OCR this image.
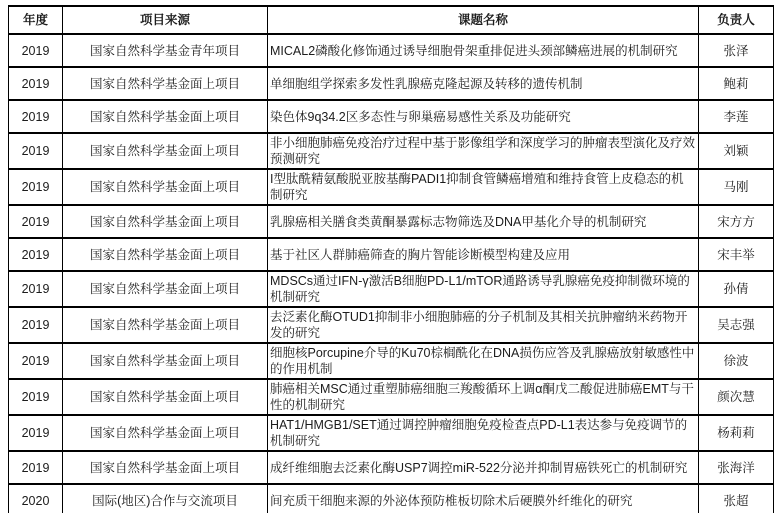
年度	项目来源	课题名称	负责人
2019	国家自然科学基金青年项目	MICAL2磷酸化修饰通过诱导细胞骨架重排促进头颈部鳞癌进展的机制研究	张泽
2019	国家自然科学基金面上项目	单细胞组学探索多发性乳腺癌克隆起源及转移的遗传机制	鲍莉
2019	国家自然科学基金面上项目	染色体9q34.2区多态性与卵巢癌易感性关系及功能研究	李莲
2019	国家自然科学基金面上项目	非小细胞肺癌免疫治疗过程中基于影像组学和深度学习的肿瘤表型演化及疗效预测研究	刘颖
2019	国家自然科学基金面上项目	I型肽酰精氨酸脱亚胺基酶PADI1抑制食管鳞癌增殖和维持食管上皮稳态的机制研究	马刚
2019	国家自然科学基金面上项目	乳腺癌相关膳食类黄酮暴露标志物筛选及DNA甲基化介导的机制研究	宋方方
2019	国家自然科学基金面上项目	基于社区人群肺癌筛查的胸片智能诊断模型构建及应用	宋丰举
2019	国家自然科学基金面上项目	MDSCs通过IFN-γ激活B细胞PD-L1/mTOR通路诱导乳腺癌免疫抑制微环境的机制研究	孙倩
2019	国家自然科学基金面上项目	去泛素化酶OTUD1抑制非小细胞肺癌的分子机制及其相关抗肿瘤纳米药物开发的研究	吴志强
2019	国家自然科学基金面上项目	细胞核Porcupine介导的Ku70棕榈酰化在DNA损伤应答及乳腺癌放射敏感性中的作用机制	徐波
2019	国家自然科学基金面上项目	肺癌相关MSC通过重塑肺癌细胞三羧酸循环上调α酮戊二酸促进肺癌EMT与干性的机制研究	颜次慧
2019	国家自然科学基金面上项目	HAT1/HMGB1/SET通过调控肿瘤细胞免疫检查点PD-L1表达参与免疫调节的机制研究	杨莉莉
2019	国家自然科学基金面上项目	成纤维细胞去泛素化酶USP7调控miR-522分泌并抑制胃癌铁死亡的机制研究	张海洋
2020	国际(地区)合作与交流项目	间充质干细胞来源的外泌体预防椎板切除术后硬膜外纤维化的研究	张超
